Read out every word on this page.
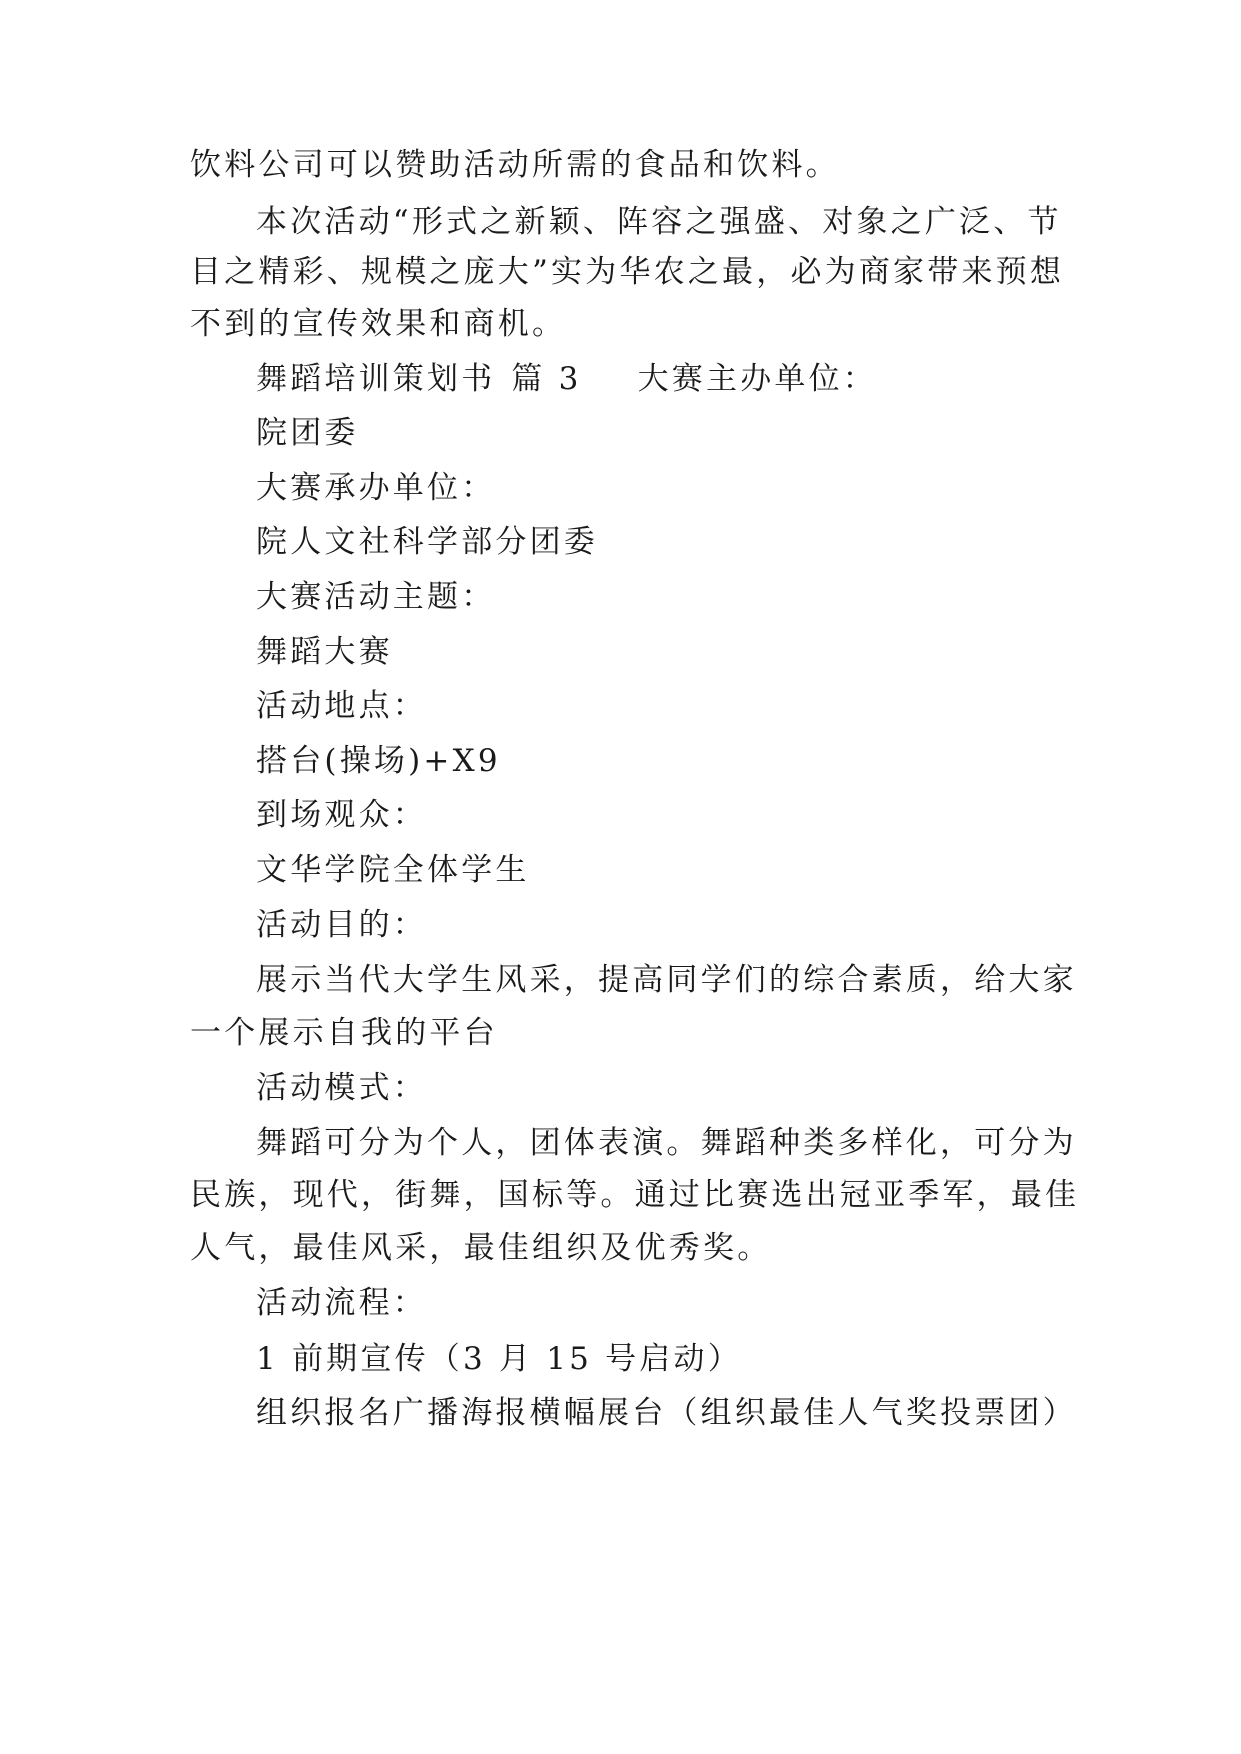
饮料公司可以赞助活动所需的食品和饮料。
本次活动“形式之新颖、阵容之强盛、对象之广泛、节
目之精彩、规模之庞大”实为华农之最，必为商家带来预想
不到的宣传效果和商机。
舞蹈培训策划书 篇 3 大赛主办单位：
院团委
大赛承办单位：
院人文社科学部分团委
大赛活动主题：
舞蹈大赛
活动地点：
搭台(操场)+X9
到场观众：
文华学院全体学生
活动目的：
展示当代大学生风采，提高同学们的综合素质，给大家
一个展示自我的平台
活动模式：
舞蹈可分为个人，团体表演。舞蹈种类多样化，可分为
民族，现代，街舞，国标等。通过比赛选出冠亚季军，最佳
人气，最佳风采，最佳组织及优秀奖。
活动流程：
1 前期宣传（3 月 15 号启动）
组织报名广播海报横幅展台（组织最佳人气奖投票团）
